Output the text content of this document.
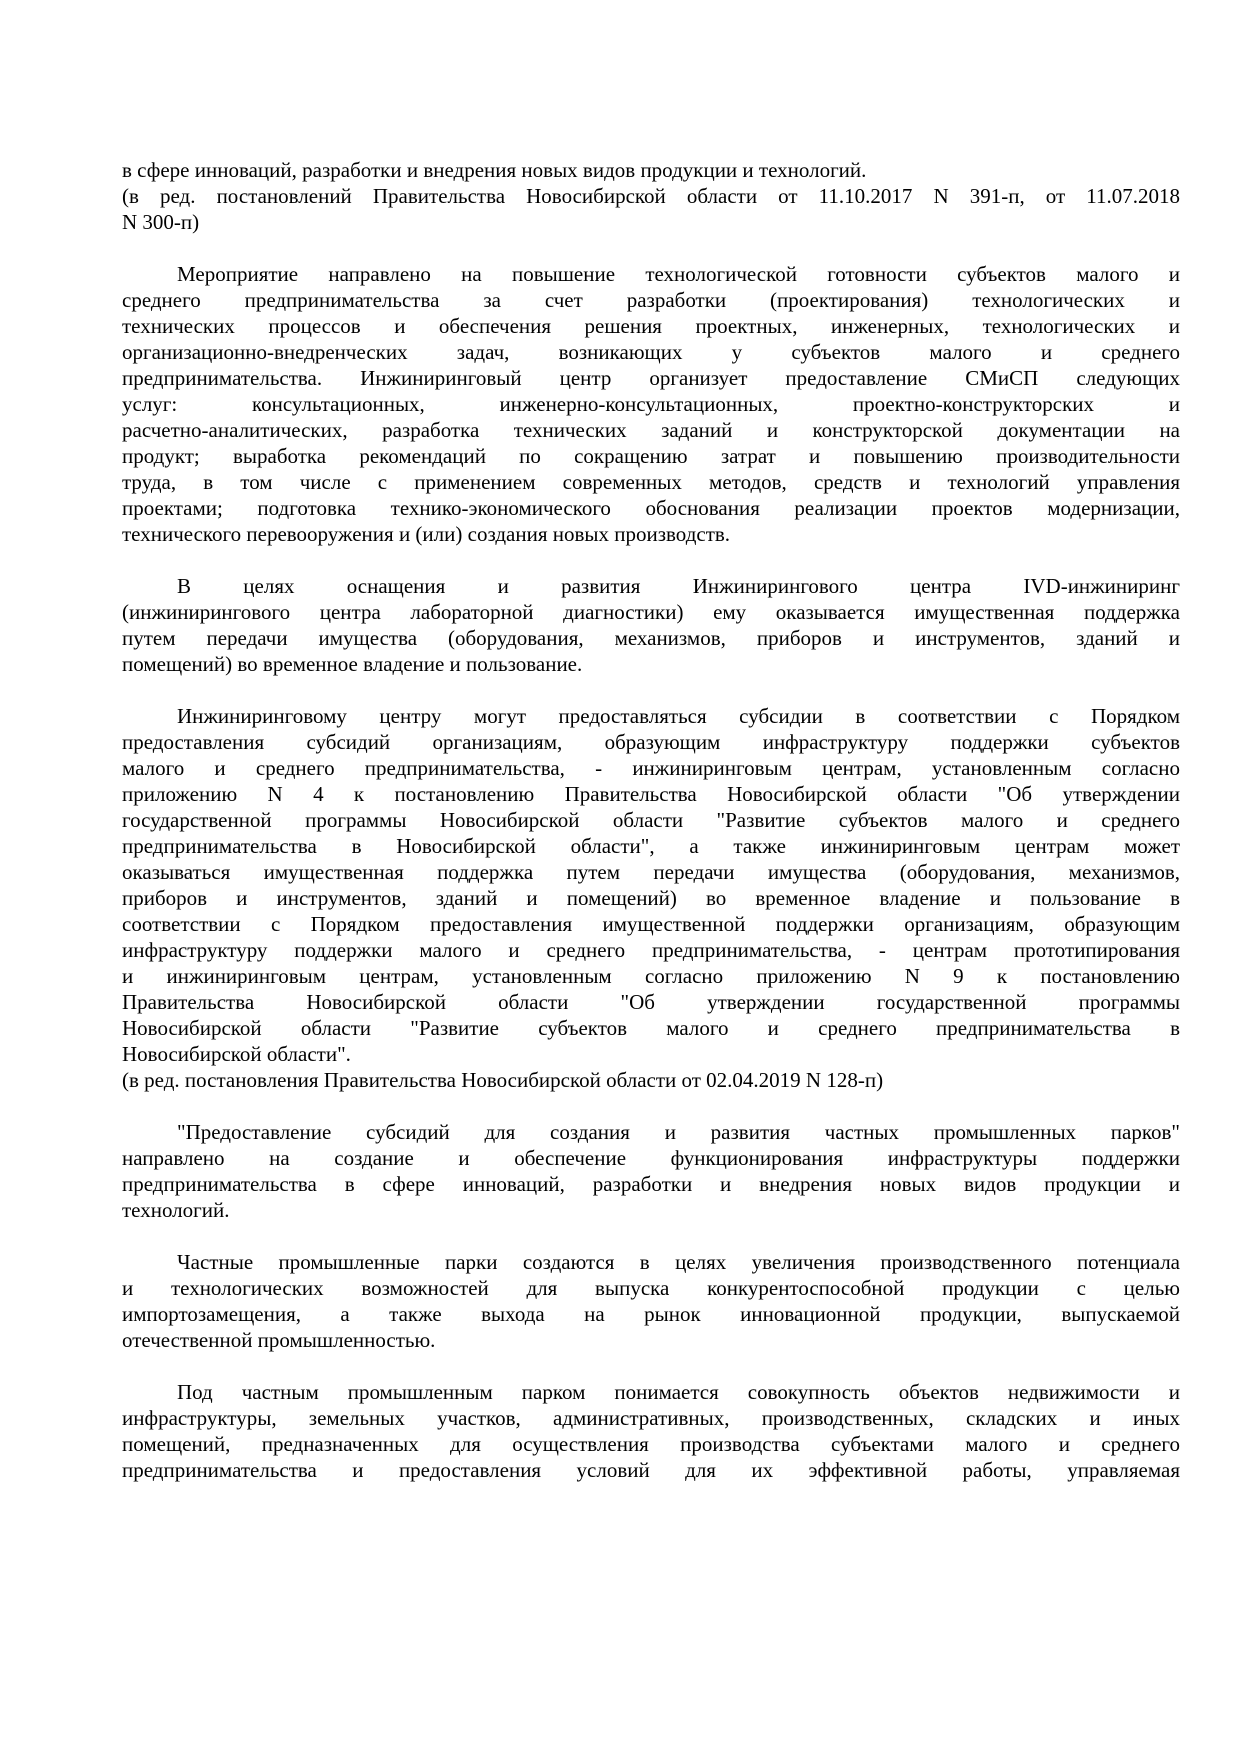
в сфере инноваций, разработки и внедрения новых видов продукции и технологий.
(в ред. постановлений Правительства Новосибирской области от 11.10.2017 N 391-п, от 11.07.2018
N 300-п)
Мероприятие направлено на повышение технологической готовности субъектов малого и
среднего предпринимательства за счет разработки (проектирования) технологических и
технических процессов и обеспечения решения проектных, инженерных, технологических и
организационно-внедренческих задач, возникающих у субъектов малого и среднего
предпринимательства. Инжиниринговый центр организует предоставление СМиСП следующих
услуг: консультационных, инженерно-консультационных, проектно-конструкторских и
расчетно-аналитических, разработка технических заданий и конструкторской документации на
продукт; выработка рекомендаций по сокращению затрат и повышению производительности
труда, в том числе с применением современных методов, средств и технологий управления
проектами; подготовка технико-экономического обоснования реализации проектов модернизации,
технического перевооружения и (или) создания новых производств.
В целях оснащения и развития Инжинирингового центра IVD-инжиниринг
(инжинирингового центра лабораторной диагностики) ему оказывается имущественная поддержка
путем передачи имущества (оборудования, механизмов, приборов и инструментов, зданий и
помещений) во временное владение и пользование.
Инжиниринговому центру могут предоставляться субсидии в соответствии с Порядком
предоставления субсидий организациям, образующим инфраструктуру поддержки субъектов
малого и среднего предпринимательства, - инжиниринговым центрам, установленным согласно
приложению N 4 к постановлению Правительства Новосибирской области "Об утверждении
государственной программы Новосибирской области "Развитие субъектов малого и среднего
предпринимательства в Новосибирской области", а также инжиниринговым центрам может
оказываться имущественная поддержка путем передачи имущества (оборудования, механизмов,
приборов и инструментов, зданий и помещений) во временное владение и пользование в
соответствии с Порядком предоставления имущественной поддержки организациям, образующим
инфраструктуру поддержки малого и среднего предпринимательства, - центрам прототипирования
и инжиниринговым центрам, установленным согласно приложению N 9 к постановлению
Правительства Новосибирской области "Об утверждении государственной программы
Новосибирской области "Развитие субъектов малого и среднего предпринимательства в
Новосибирской области".
(в ред. постановления Правительства Новосибирской области от 02.04.2019 N 128-п)
"Предоставление субсидий для создания и развития частных промышленных парков"
направлено на создание и обеспечение функционирования инфраструктуры поддержки
предпринимательства в сфере инноваций, разработки и внедрения новых видов продукции и
технологий.
Частные промышленные парки создаются в целях увеличения производственного потенциала
и технологических возможностей для выпуска конкурентоспособной продукции с целью
импортозамещения, а также выхода на рынок инновационной продукции, выпускаемой
отечественной промышленностью.
Под частным промышленным парком понимается совокупность объектов недвижимости и
инфраструктуры, земельных участков, административных, производственных, складских и иных
помещений, предназначенных для осуществления производства субъектами малого и среднего
предпринимательства и предоставления условий для их эффективной работы, управляемая
